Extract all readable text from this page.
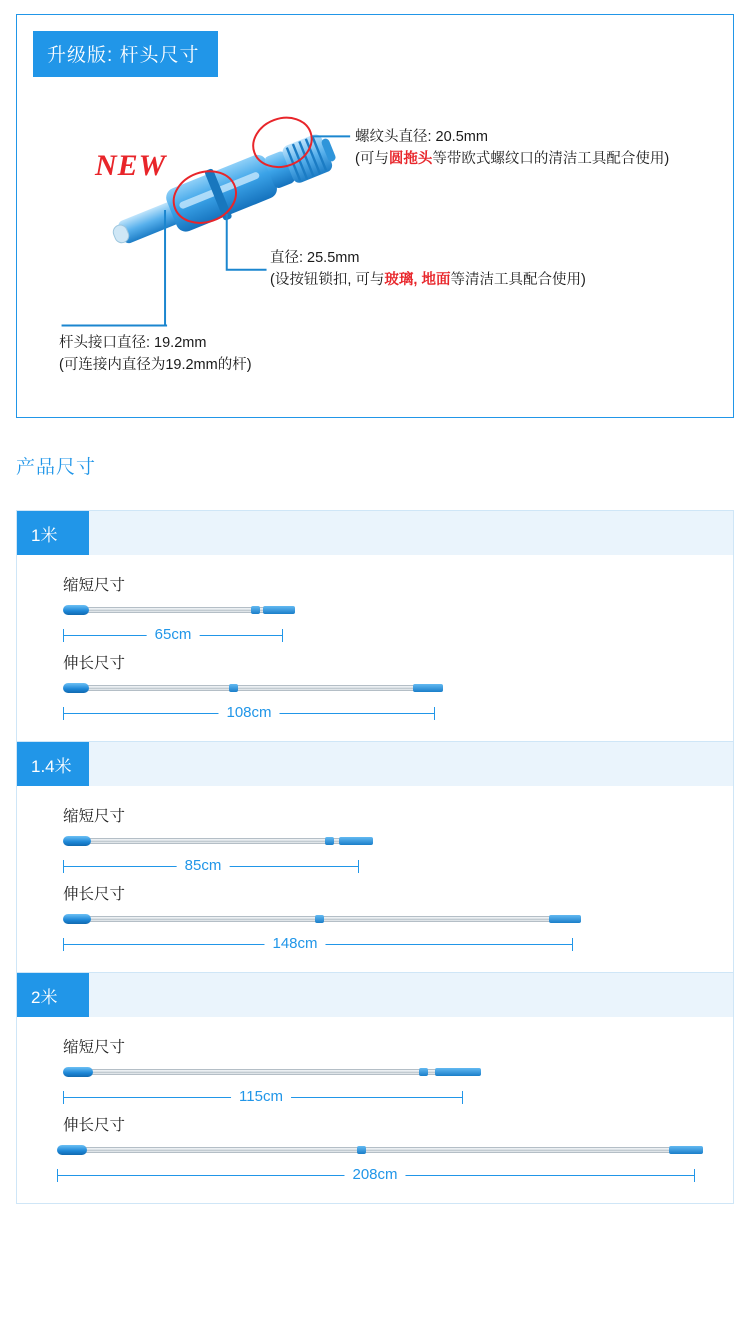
升级版: 杆头尺寸
NEW
螺纹头直径: 20.5mm
(可与圆拖头等带欧式螺纹口的清洁工具配合使用)
直径: 25.5mm
(设按钮锁扣, 可与玻璃, 地面等清洁工具配合使用)
杆头接口直径: 19.2mm
(可连接内直径为19.2mm的杆)
产品尺寸
1米
缩短尺寸
65cm
伸长尺寸
108cm
1.4米
缩短尺寸
85cm
伸长尺寸
148cm
2米
缩短尺寸
115cm
伸长尺寸
208cm
